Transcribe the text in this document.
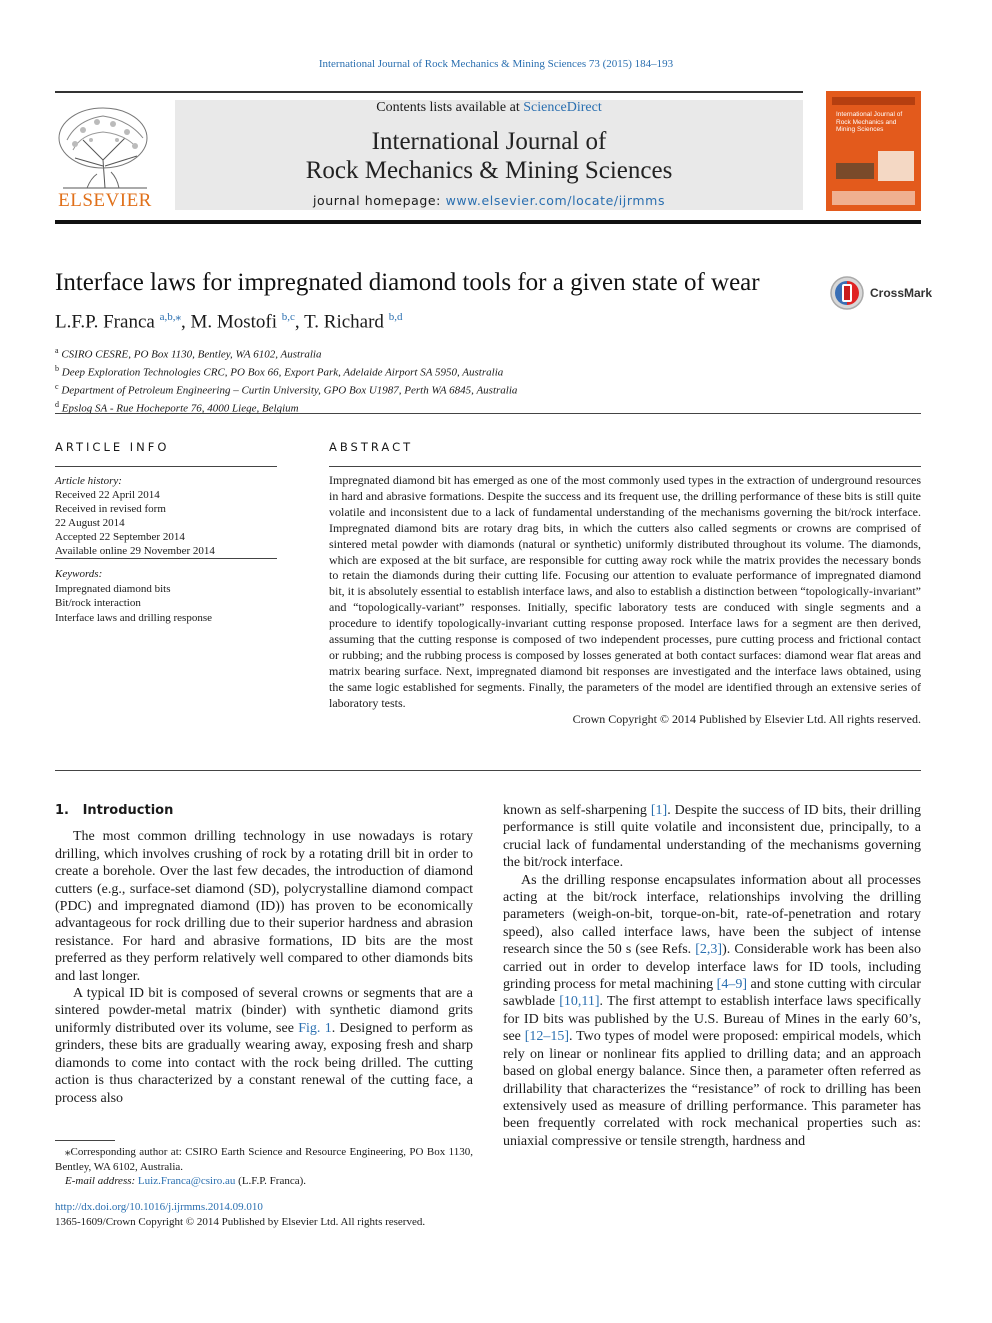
International Journal of Rock Mechanics & Mining Sciences 73 (2015) 184–193
ELSEVIER
Contents lists available at ScienceDirect
International Journal of
Rock Mechanics & Mining Sciences
journal homepage: www.elsevier.com/locate/ijrmms
International Journal of Rock Mechanics and Mining Sciences
Interface laws for impregnated diamond tools for a given state of wear	CrossMark
L.F.P. Franca $^{a,b,⁎}$, M. Mostofi $^{b,c}$, T. Richard $^{b,d}$
$^a$ CSIRO CESRE, PO Box 1130, Bentley, WA 6102, Australia
$^b$ Deep Exploration Technologies CRC, PO Box 66, Export Park, Adelaide Airport SA 5950, Australia
$^c$ Department of Petroleum Engineering – Curtin University, GPO Box U1987, Perth WA 6845, Australia
$^d$ Epslog SA - Rue Hocheporte 76, 4000 Liege, Belgium
ARTICLE INFO	ABSTRACT
Article history:
Received 22 April 2014
Received in revised form
22 August 2014
Accepted 22 September 2014
Available online 29 November 2014
Keywords:
Impregnated diamond bits
Bit/rock interaction
Interface laws and drilling response
Impregnated diamond bit has emerged as one of the most commonly used types in the extraction of underground resources in hard and abrasive formations. Despite the success and its frequent use, the drilling performance of these bits is still quite volatile and inconsistent due to a lack of fundamental understanding of the mechanisms governing the bit/rock interface. Impregnated diamond bits are rotary drag bits, in which the cutters also called segments or crowns are comprised of sintered metal powder with diamonds (natural or synthetic) uniformly distributed throughout its volume. The diamonds, which are exposed at the bit surface, are responsible for cutting away rock while the matrix provides the necessary bonds to retain the diamonds during their cutting life. Focusing our attention to evaluate performance of impregnated diamond bit, it is absolutely essential to establish interface laws, and also to establish a distinction between “topologically-invariant” and “topologically-variant” responses. Initially, specific laboratory tests are conduced with single segments and a procedure to identify topologically-invariant cutting response proposed. Interface laws for a segment are then derived, assuming that the cutting response is composed of two independent processes, pure cutting process and frictional contact or rubbing; and the rubbing process is composed by losses generated at both contact surfaces: diamond wear flat areas and matrix bearing surface. Next, impregnated diamond bit responses are investigated and the interface laws obtained, using the same logic established for segments. Finally, the parameters of the model are identified through an extensive series of laboratory tests.
Crown Copyright © 2014 Published by Elsevier Ltd. All rights reserved.
1. Introduction

The most common drilling technology in use nowadays is rotary drilling, which involves crushing of rock by a rotating drill bit in order to create a borehole. Over the last few decades, the introduction of diamond cutters (e.g., surface-set diamond (SD), polycrystalline diamond compact (PDC) and impregnated diamond (ID)) has proven to be economically advantageous for rock drilling due to their superior hardness and abrasion resistance. For hard and abrasive formations, ID bits are the most preferred as they perform relatively well compared to other diamonds bits and last longer.

A typical ID bit is composed of several crowns or segments that are a sintered powder-metal matrix (binder) with synthetic diamond grits uniformly distributed over its volume, see Fig. 1. Designed to perform as grinders, these bits are gradually wearing away, exposing fresh and sharp diamonds to come into contact with the rock being drilled. The cutting action is thus characterized by a constant renewal of the cutting face, a process also

known as self-sharpening [1]. Despite the success of ID bits, their drilling performance is still quite volatile and inconsistent due, principally, to a crucial lack of fundamental understanding of the mechanisms governing the bit/rock interface.

As the drilling response encapsulates information about all processes acting at the bit/rock interface, relationships involving the drilling parameters (weigh-on-bit, torque-on-bit, rate-of-penetration and rotary speed), also called interface laws, have been the subject of intense research since the 50 s (see Refs. [2,3]). Considerable work has been also carried out in order to develop interface laws for ID tools, including grinding process for metal machining [4–9] and stone cutting with circular sawblade [10,11]. The first attempt to establish interface laws specifically for ID bits was published by the U.S. Bureau of Mines in the early 60’s, see [12–15]. Two types of model were proposed: empirical models, which rely on linear or nonlinear fits applied to drilling data; and an approach based on global energy balance. Since then, a parameter often referred as drillability that characterizes the “resistance” of rock to drilling has been extensively used as measure of drilling performance. This parameter has been frequently correlated with rock mechanical properties such as: uniaxial compressive or tensile strength, hardness and

⁎Corresponding author at: CSIRO Earth Science and Resource Engineering, PO Box 1130, Bentley, WA 6102, Australia.

E-mail address: Luiz.Franca@csiro.au (L.F.P. Franca).

http://dx.doi.org/10.1016/j.ijrmms.2014.09.010
1365-1609/Crown Copyright © 2014 Published by Elsevier Ltd. All rights reserved.
